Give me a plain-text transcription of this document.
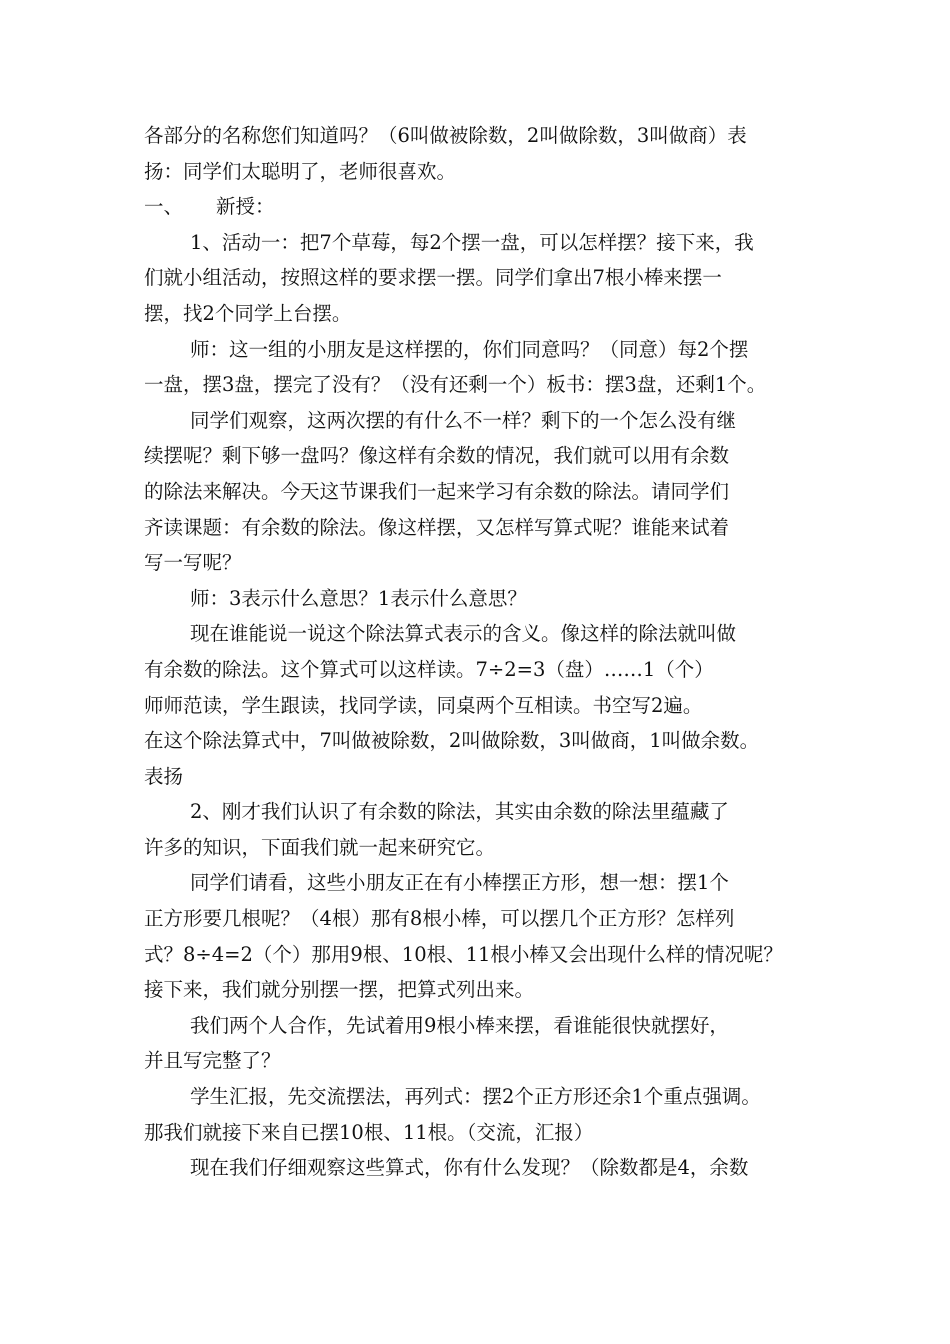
各部分的名称您们知道吗？（6叫做被除数，2叫做除数，3叫做商）表
扬：同学们太聪明了，老师很喜欢。
一、	新授：
1、活动一：把7个草莓，每2个摆一盘，可以怎样摆？接下来，我
们就小组活动，按照这样的要求摆一摆。同学们拿出7根小棒来摆一
摆，找2个同学上台摆。
师：这一组的小朋友是这样摆的，你们同意吗？（同意）每2个摆
一盘，摆3盘，摆完了没有？（没有还剩一个）板书：摆3盘，还剩1个。
同学们观察，这两次摆的有什么不一样？剩下的一个怎么没有继
续摆呢？剩下够一盘吗？像这样有余数的情况，我们就可以用有余数
的除法来解决。今天这节课我们一起来学习有余数的除法。请同学们
齐读课题：有余数的除法。像这样摆，又怎样写算式呢？谁能来试着
写一写呢？
师：3表示什么意思？1表示什么意思？
现在谁能说一说这个除法算式表示的含义。像这样的除法就叫做
有余数的除法。这个算式可以这样读。7÷2=3（盘）……1（个）
师师范读，学生跟读，找同学读，同桌两个互相读。书空写2遍。
在这个除法算式中，7叫做被除数，2叫做除数，3叫做商，1叫做余数。
表扬
2、刚才我们认识了有余数的除法，其实由余数的除法里蕴藏了
许多的知识，下面我们就一起来研究它。
同学们请看，这些小朋友正在有小棒摆正方形，想一想：摆1个
正方形要几根呢？（4根）那有8根小棒，可以摆几个正方形？怎样列
式？8÷4=2（个）那用9根、10根、11根小棒又会出现什么样的情况呢？
接下来，我们就分别摆一摆，把算式列出来。
我们两个人合作，先试着用9根小棒来摆，看谁能很快就摆好，
并且写完整了？
学生汇报，先交流摆法，再列式：摆2个正方形还余1个重点强调。
那我们就接下来自已摆10根、11根。（交流，汇报）
现在我们仔细观察这些算式，你有什么发现？（除数都是4，余数
